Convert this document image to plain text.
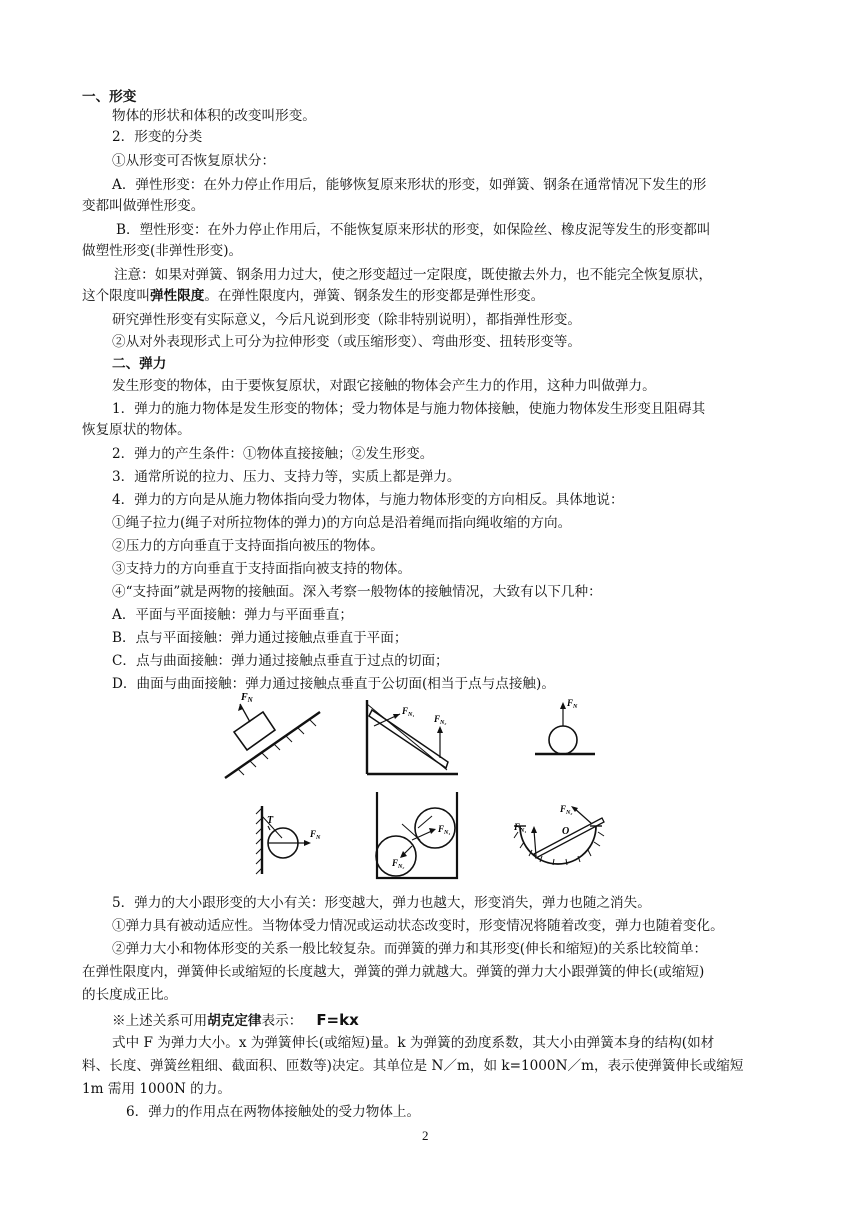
一、形变
物体的形状和体积的改变叫形变。
2．形变的分类
①从形变可否恢复原状分：
A．弹性形变：在外力停止作用后，能够恢复原来形状的形变，如弹簧、钢条在通常情况下发生的形
变都叫做弹性形变。
B．塑性形变：在外力停止作用后，不能恢复原来形状的形变，如保险丝、橡皮泥等发生的形变都叫
做塑性形变(非弹性形变)。
注意：如果对弹簧、钢条用力过大，使之形变超过一定限度，既使撤去外力，也不能完全恢复原状，
这个限度叫弹性限度。在弹性限度内，弹簧、钢条发生的形变都是弹性形变。
研究弹性形变有实际意义，今后凡说到形变（除非特别说明），都指弹性形变。
②从对外表现形式上可分为拉伸形变（或压缩形变）、弯曲形变、扭转形变等。
二、弹力
发生形变的物体，由于要恢复原状，对跟它接触的物体会产生力的作用，这种力叫做弹力。
1．弹力的施力物体是发生形变的物体；受力物体是与施力物体接触，使施力物体发生形变且阻碍其
恢复原状的物体。
2．弹力的产生条件：①物体直接接触；②发生形变。
3．通常所说的拉力、压力、支持力等，实质上都是弹力。
4．弹力的方向是从施力物体指向受力物体，与施力物体形变的方向相反。具体地说：
①绳子拉力(绳子对所拉物体的弹力)的方向总是沿着绳而指向绳收缩的方向。
②压力的方向垂直于支持面指向被压的物体。
③支持力的方向垂直于支持面指向被支持的物体。
④“支持面”就是两物的接触面。深入考察一般物体的接触情况，大致有以下几种：
A．平面与平面接触：弹力与平面垂直；
B．点与平面接触：弹力通过接触点垂直于平面；
C．点与曲面接触：弹力通过接触点垂直于过点的切面；
D．曲面与曲面接触：弹力通过接触点垂直于公切面(相当于点与点接触)。
$F_N$
$F_{N_1}$ $F_{N_2}$
$F_N$
T
$F_N$
$F_{N_1}$
$F_{N_2}$
$F_{N_1}$
$F_{N_2}$
O
5．弹力的大小跟形变的大小有关：形变越大，弹力也越大，形变消失，弹力也随之消失。
①弹力具有被动适应性。当物体受力情况或运动状态改变时，形变情况将随着改变，弹力也随着变化。
②弹力大小和物体形变的关系一般比较复杂。而弹簧的弹力和其形变(伸长和缩短)的关系比较简单：
在弹性限度内，弹簧伸长或缩短的长度越大，弹簧的弹力就越大。弹簧的弹力大小跟弹簧的伸长(或缩短)
的长度成正比。
※上述关系可用胡克定律表示： F=kx
式中 F 为弹力大小。x 为弹簧伸长(或缩短)量。k 为弹簧的劲度系数，其大小由弹簧本身的结构(如材
料、长度、弹簧丝粗细、截面积、匝数等)决定。其单位是 N／m，如 k=1000N／m，表示使弹簧伸长或缩短
1m 需用 1000N 的力。
6．弹力的作用点在两物体接触处的受力物体上。
2
